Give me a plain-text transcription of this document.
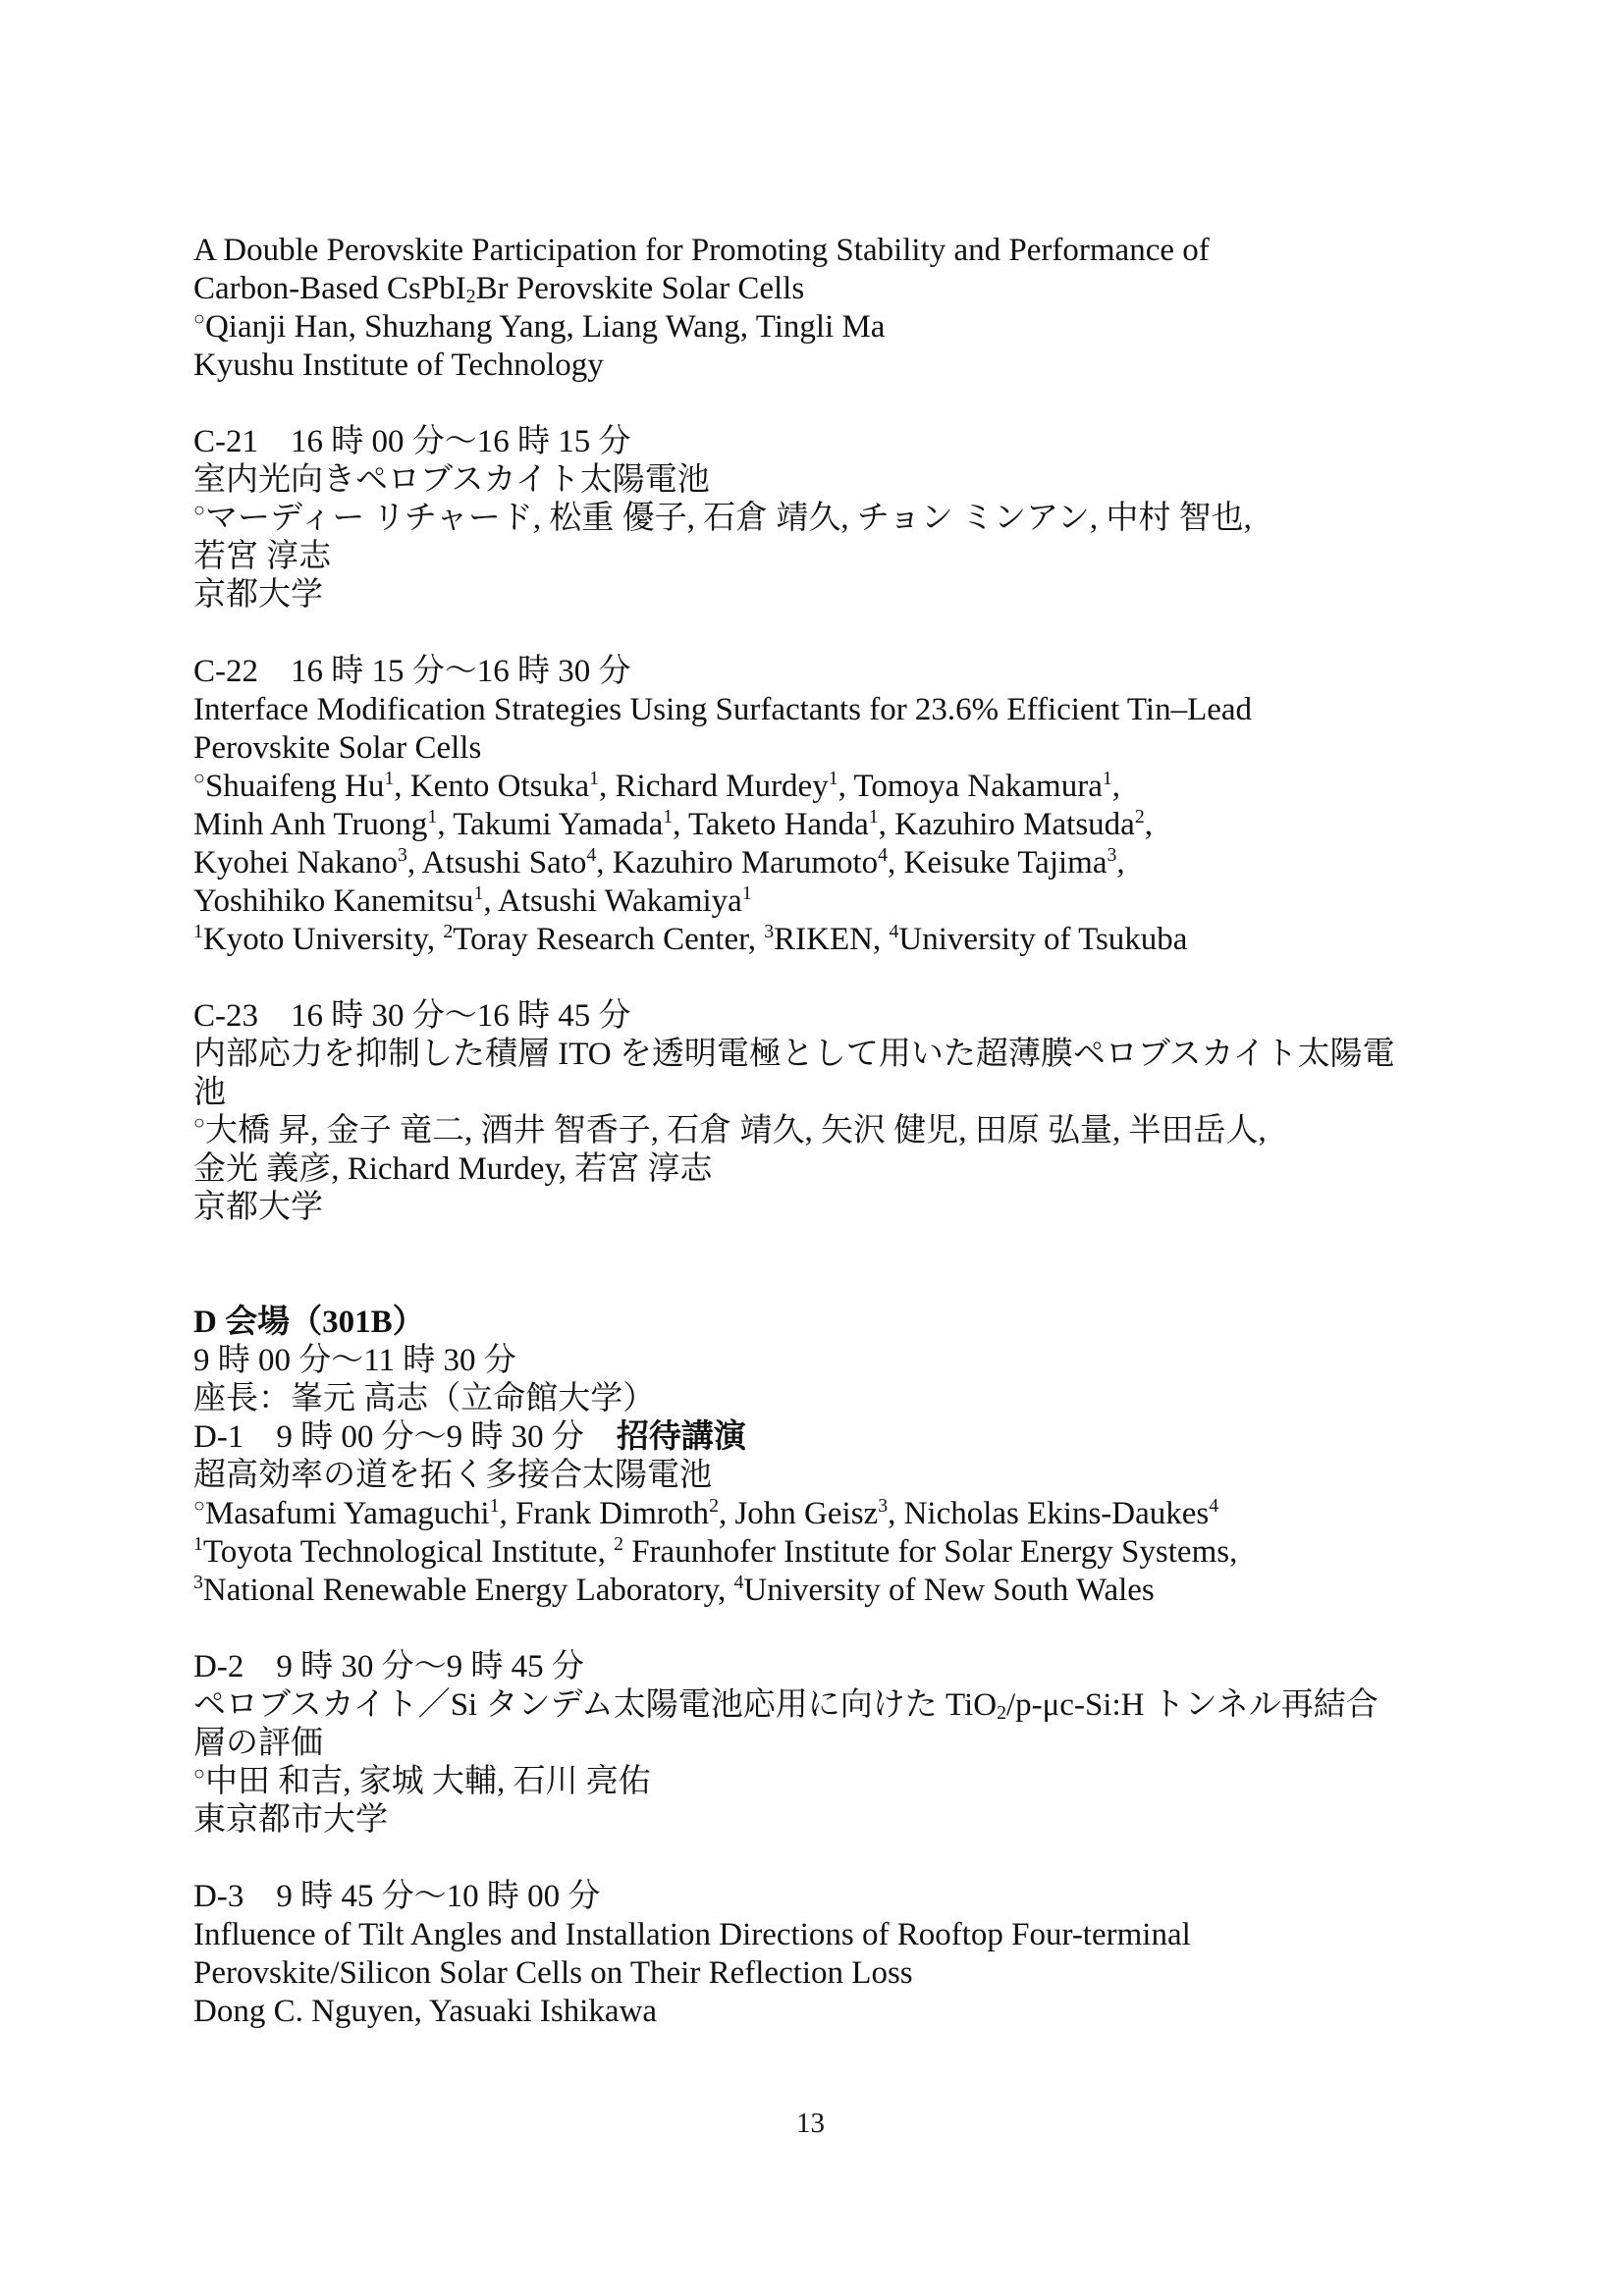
A Double Perovskite Participation for Promoting Stability and Performance of
Carbon-Based CsPbI$_2$Br Perovskite Solar Cells
○Qianji Han, Shuzhang Yang, Liang Wang, Tingli Ma
Kyushu Institute of Technology
C-21　16 時 00 分～16 時 15 分
室内光向きペロブスカイト太陽電池
○マーディー リチャード, 松重 優子, 石倉 靖久, チョン ミンアン, 中村 智也,
若宮 淳志
京都大学
C-22　16 時 15 分～16 時 30 分
Interface Modification Strategies Using Surfactants for 23.6% Efficient Tin–Lead
Perovskite Solar Cells
○Shuaifeng Hu$^1$, Kento Otsuka$^1$, Richard Murdey$^1$, Tomoya Nakamura$^1$,
Minh Anh Truong$^1$, Takumi Yamada$^1$, Taketo Handa$^1$, Kazuhiro Matsuda$^2$,
Kyohei Nakano$^3$, Atsushi Sato$^4$, Kazuhiro Marumoto$^4$, Keisuke Tajima$^3$,
Yoshihiko Kanemitsu$^1$, Atsushi Wakamiya$^1$
$^1$Kyoto University, $^2$Toray Research Center, $^3$RIKEN, $^4$University of Tsukuba
C-23　16 時 30 分～16 時 45 分
内部応力を抑制した積層 ITO を透明電極として用いた超薄膜ペロブスカイト太陽電
池
○大橋 昇, 金子 竜二, 酒井 智香子, 石倉 靖久, 矢沢 健児, 田原 弘量, 半田岳人,
金光 義彦, Richard Murdey, 若宮 淳志
京都大学
D 会場（301B）
9 時 00 分～11 時 30 分
座長：峯元 高志（立命館大学）
D-1　9 時 00 分～9 時 30 分　招待講演
超高効率の道を拓く多接合太陽電池
○Masafumi Yamaguchi$^1$, Frank Dimroth$^2$, John Geisz$^3$, Nicholas Ekins-Daukes$^4$
$^1$Toyota Technological Institute, $^2$ Fraunhofer Institute for Solar Energy Systems,
$^3$National Renewable Energy Laboratory, $^4$University of New South Wales
D-2　9 時 30 分～9 時 45 分
ペロブスカイト／Si タンデム太陽電池応用に向けた TiO$_2$/p-μc-Si:H トンネル再結合
層の評価
○中田 和吉, 家城 大輔, 石川 亮佑
東京都市大学
D-3　9 時 45 分～10 時 00 分
Influence of Tilt Angles and Installation Directions of Rooftop Four-terminal
Perovskite/Silicon Solar Cells on Their Reflection Loss
Dong C. Nguyen, Yasuaki Ishikawa
13
